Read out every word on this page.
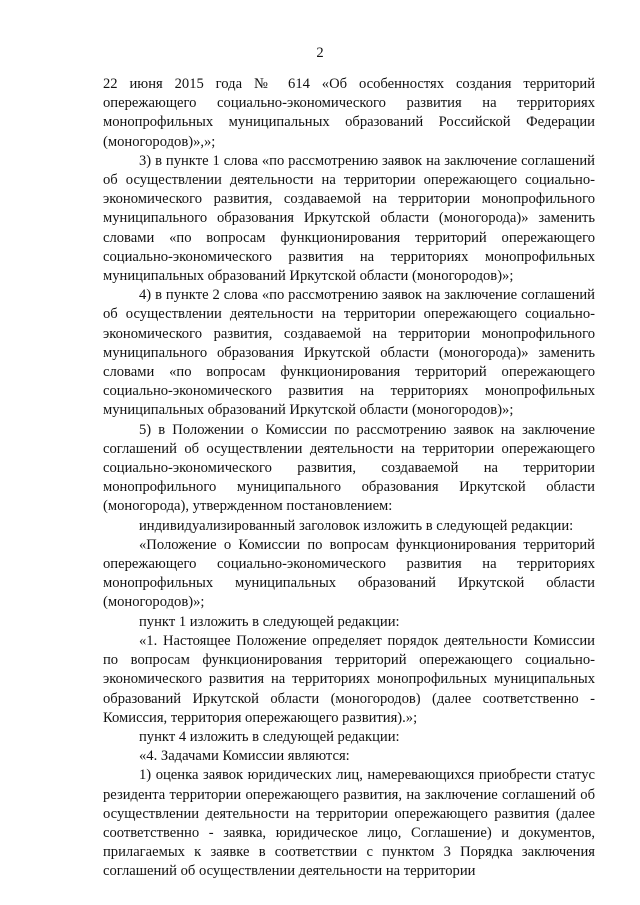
2

22 июня 2015 года № 614 «Об особенностях создания территорий опережающего социально-экономического развития на территориях монопрофильных муниципальных образований Российской Федерации (моногородов)»,»;

3) в пункте 1 слова «по рассмотрению заявок на заключение соглашений об осуществлении деятельности на территории опережающего социально-экономического развития, создаваемой на территории монопрофильного муниципального образования Иркутской области (моногорода)» заменить словами «по вопросам функционирования территорий опережающего социально-экономического развития на территориях монопрофильных муниципальных образований Иркутской области (моногородов)»;

4) в пункте 2 слова «по рассмотрению заявок на заключение соглашений об осуществлении деятельности на территории опережающего социально-экономического развития, создаваемой на территории монопрофильного муниципального образования Иркутской области (моногорода)» заменить словами «по вопросам функционирования территорий опережающего социально-экономического развития на территориях монопрофильных муниципальных образований Иркутской области (моногородов)»;

5) в Положении о Комиссии по рассмотрению заявок на заключение соглашений об осуществлении деятельности на территории опережающего социально-экономического развития, создаваемой на территории монопрофильного муниципального образования Иркутской области (моногорода), утвержденном постановлением:

индивидуализированный заголовок изложить в следующей редакции:

«Положение о Комиссии по вопросам функционирования территорий опережающего социально-экономического развития на территориях монопрофильных муниципальных образований Иркутской области (моногородов)»;

пункт 1 изложить в следующей редакции:

«1. Настоящее Положение определяет порядок деятельности Комиссии по вопросам функционирования территорий опережающего социально-экономического развития на территориях монопрофильных муниципальных образований Иркутской области (моногородов) (далее соответственно - Комиссия, территория опережающего развития).»;

пункт 4 изложить в следующей редакции:

«4. Задачами Комиссии являются:

1) оценка заявок юридических лиц, намеревающихся приобрести статус резидента территории опережающего развития, на заключение соглашений об осуществлении деятельности на территории опережающего развития (далее соответственно - заявка, юридическое лицо, Соглашение) и документов, прилагаемых к заявке в соответствии с пунктом 3 Порядка заключения соглашений об осуществлении деятельности на территории
